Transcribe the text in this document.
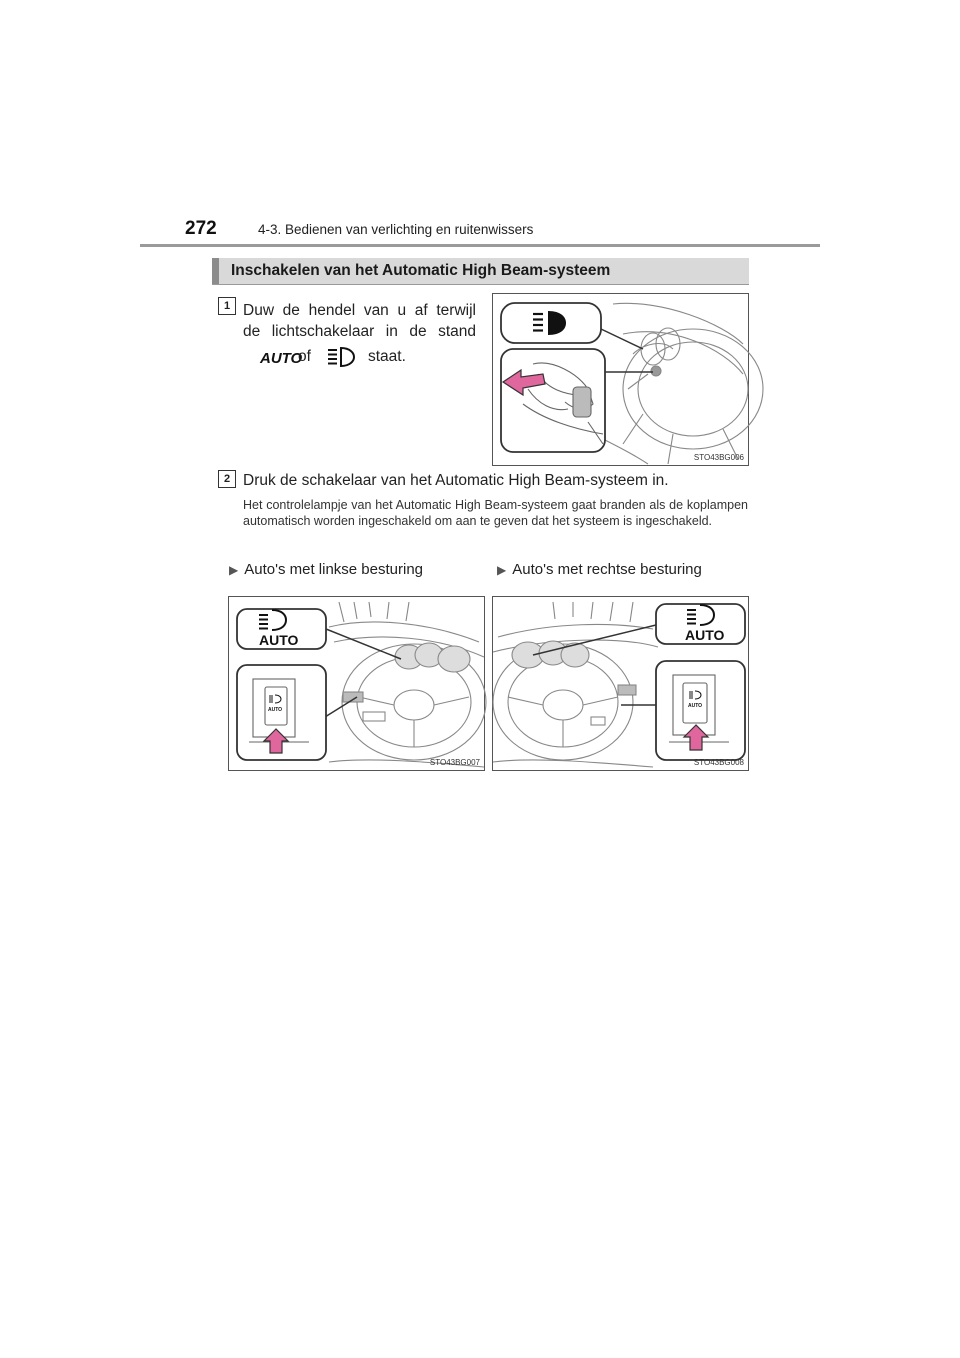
272	4-3. Bedienen van verlichting en ruitenwissers
Inschakelen van het Automatic High Beam-systeem
1 Duw de hendel van u af terwijl
de lichtschakelaar in de stand
AUTO
of	staat.
STO43BG006
2 Druk de schakelaar van het Automatic High Beam-systeem in.
Het controlelampje van het Automatic High Beam-systeem gaat branden als de koplampen automatisch worden ingeschakeld om aan te geven dat het systeem is ingeschakeld.
▶ Auto's met linkse besturing	▶ Auto's met rechtse besturing
AUTO
AUTO
STO43BG007
AUTO
AUTO
STO43BG008
